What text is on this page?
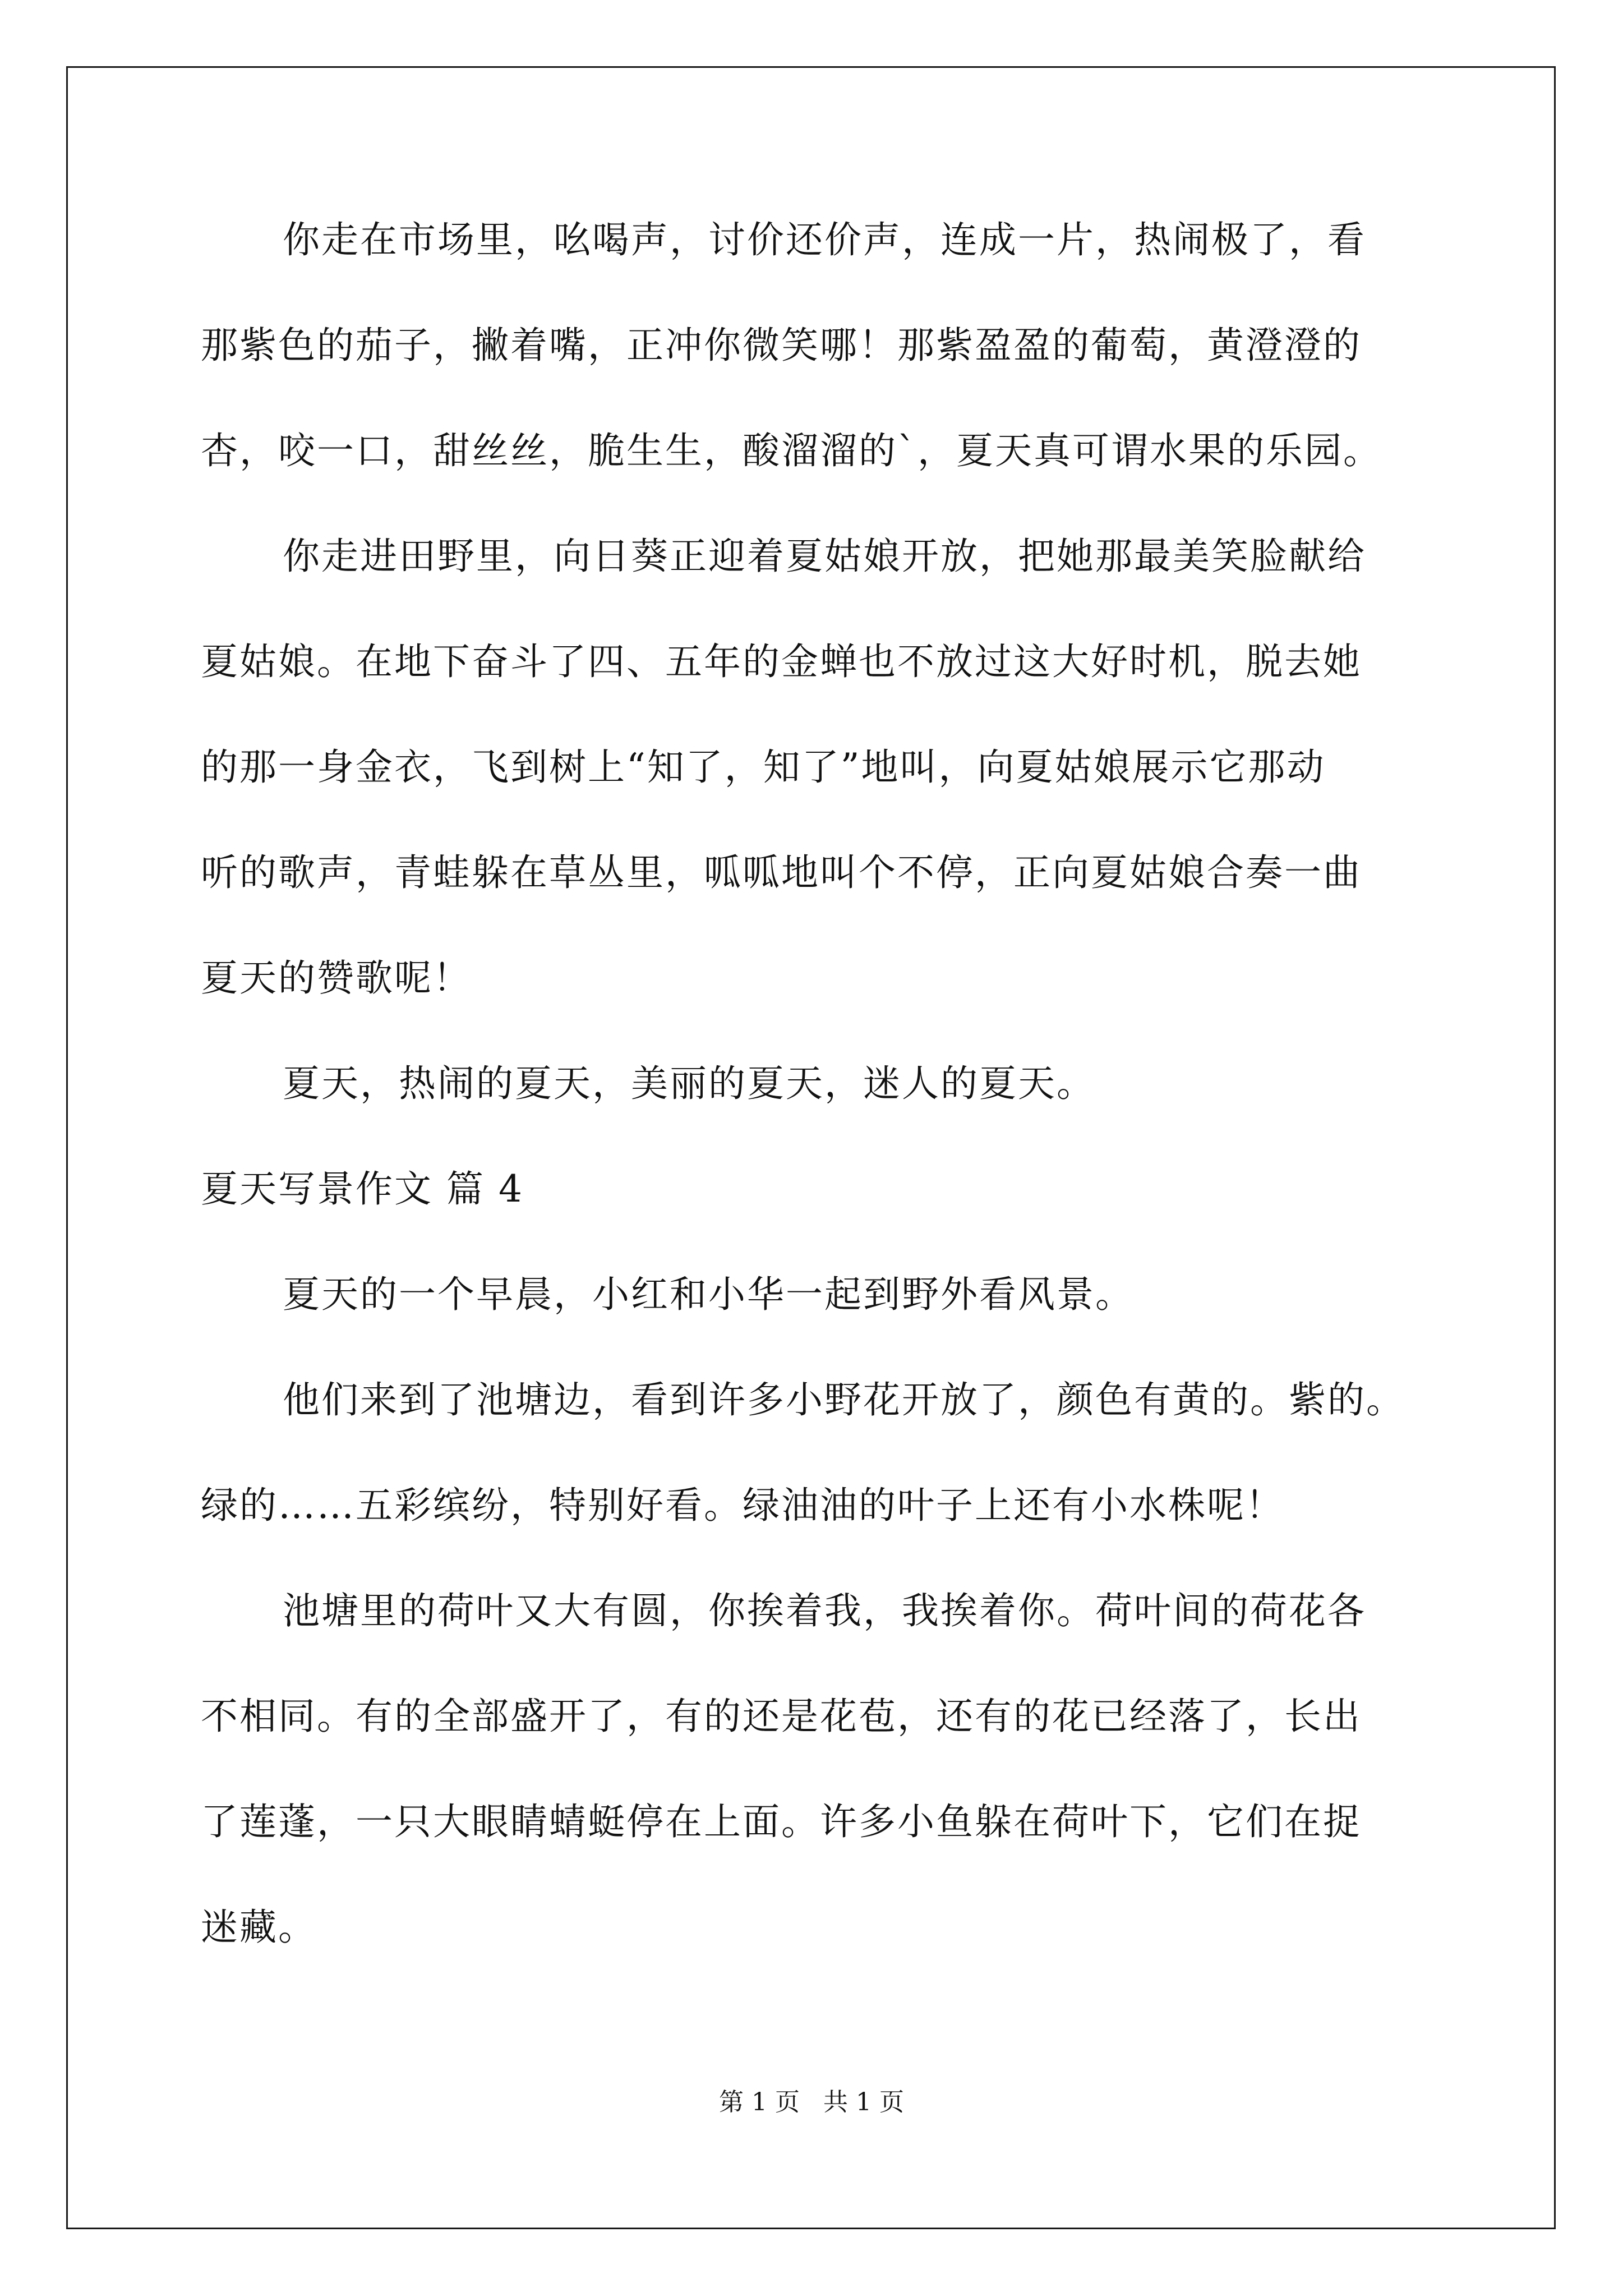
你走在市场里，吆喝声，讨价还价声，连成一片，热闹极了，看
那紫色的茄子，撇着嘴，正冲你微笑哪！那紫盈盈的葡萄，黄澄澄的
杏，咬一口，甜丝丝，脆生生，酸溜溜的`，夏天真可谓水果的乐园。
你走进田野里，向日葵正迎着夏姑娘开放，把她那最美笑脸献给
夏姑娘。在地下奋斗了四、五年的金蝉也不放过这大好时机，脱去她
的那一身金衣，飞到树上“知了，知了”地叫，向夏姑娘展示它那动
听的歌声，青蛙躲在草丛里，呱呱地叫个不停，正向夏姑娘合奏一曲
夏天的赞歌呢！
夏天，热闹的夏天，美丽的夏天，迷人的夏天。
夏天写景作文 篇 4
夏天的一个早晨，小红和小华一起到野外看风景。
他们来到了池塘边，看到许多小野花开放了，颜色有黄的。紫的。
绿的……五彩缤纷，特别好看。绿油油的叶子上还有小水株呢！
池塘里的荷叶又大有圆，你挨着我，我挨着你。荷叶间的荷花各
不相同。有的全部盛开了，有的还是花苞，还有的花已经落了，长出
了莲蓬，一只大眼睛蜻蜓停在上面。许多小鱼躲在荷叶下，它们在捉
迷藏。
第 1 页   共 1 页
